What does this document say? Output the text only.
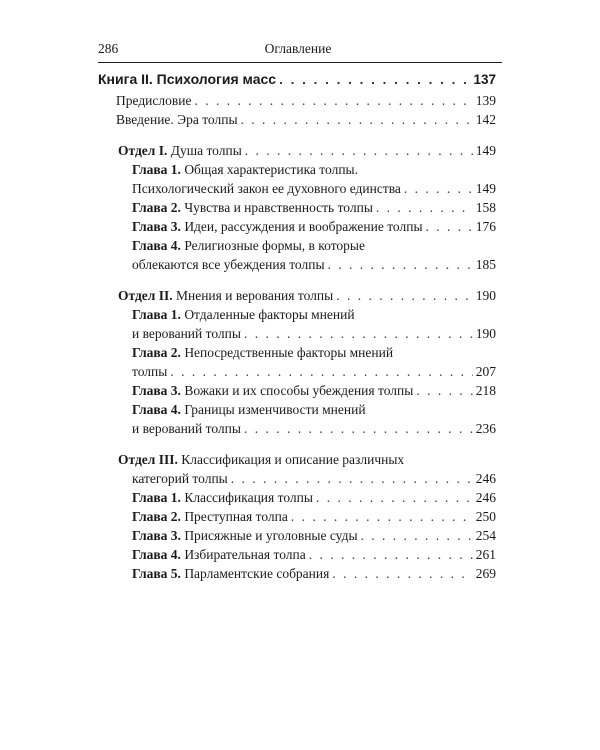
286	Оглавление
Книга II. Психология масс . . .	137
Предисловие . . .	139
Введение. Эра толпы . . .	142
Отдел I. Душа толпы . . .	149
Глава 1. Общая характеристика толпы.
Психологический закон ее духовного единства . . .	149
Глава 2. Чувства и нравственность толпы . . .	158
Глава 3. Идеи, рассуждения и воображение толпы . . .	176
Глава 4. Религиозные формы, в которые
облекаются все убеждения толпы . . .	185
Отдел II. Мнения и верования толпы . . .	190
Глава 1. Отдаленные факторы мнений
и верований толпы . . .	190
Глава 2. Непосредственные факторы мнений
толпы . . .	207
Глава 3. Вожаки и их способы убеждения толпы . . .	218
Глава 4. Границы изменчивости мнений
и верований толпы . . .	236
Отдел III. Классификация и описание различных
категорий толпы . . .	246
Глава 1. Классификация толпы . . .	246
Глава 2. Преступная толпа . . .	250
Глава 3. Присяжные и уголовные суды . . .	254
Глава 4. Избирательная толпа . . .	261
Глава 5. Парламентские собрания . . .	269
